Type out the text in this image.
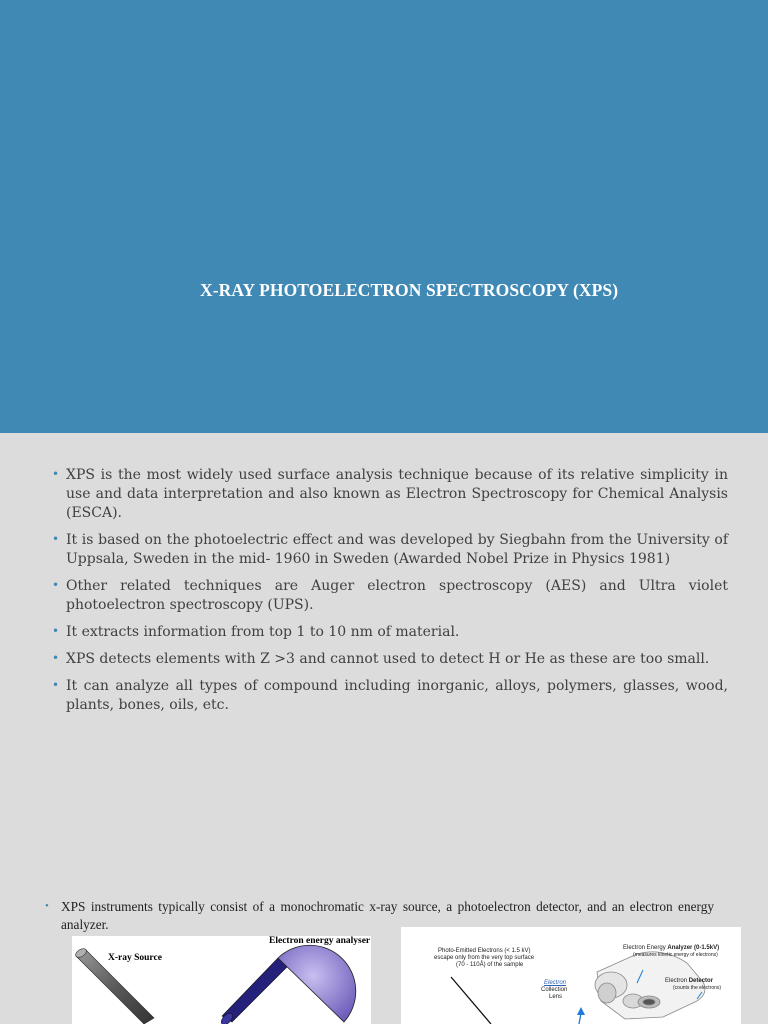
X-RAY PHOTOELECTRON SPECTROSCOPY (XPS)
• XPS is the most widely used surface analysis technique because of its relative simplicity in use and data interpretation and also known as Electron Spectroscopy for Chemical Analysis (ESCA).
• It is based on the photoelectric effect and was developed by Siegbahn from the University of Uppsala, Sweden in the mid- 1960 in Sweden (Awarded Nobel Prize in Physics 1981)
• Other related techniques are Auger electron spectroscopy (AES) and Ultra violet photoelectron spectroscopy (UPS).
• It extracts information from top 1 to 10 nm of material.
• XPS detects elements with Z >3 and cannot used to detect H or He as these are too small.
• It can analyze all types of compound including inorganic, alloys, polymers, glasses, wood, plants, bones, oils, etc.
• XPS instruments typically consist of a monochromatic x-ray source, a photoelectron detector, and an electron energy analyzer.
X-ray Source
Electron energy analyser
Photo-Emitted Electrons (< 1.5 kV)
escape only from the very top surface
(70 - 110Å) of the sample
Electron Energy Analyzer (0-1.5kV)
(measures kinetic energy of electrons)
Electron
Collection
Lens
Electron Detector
(counts the electrons)
